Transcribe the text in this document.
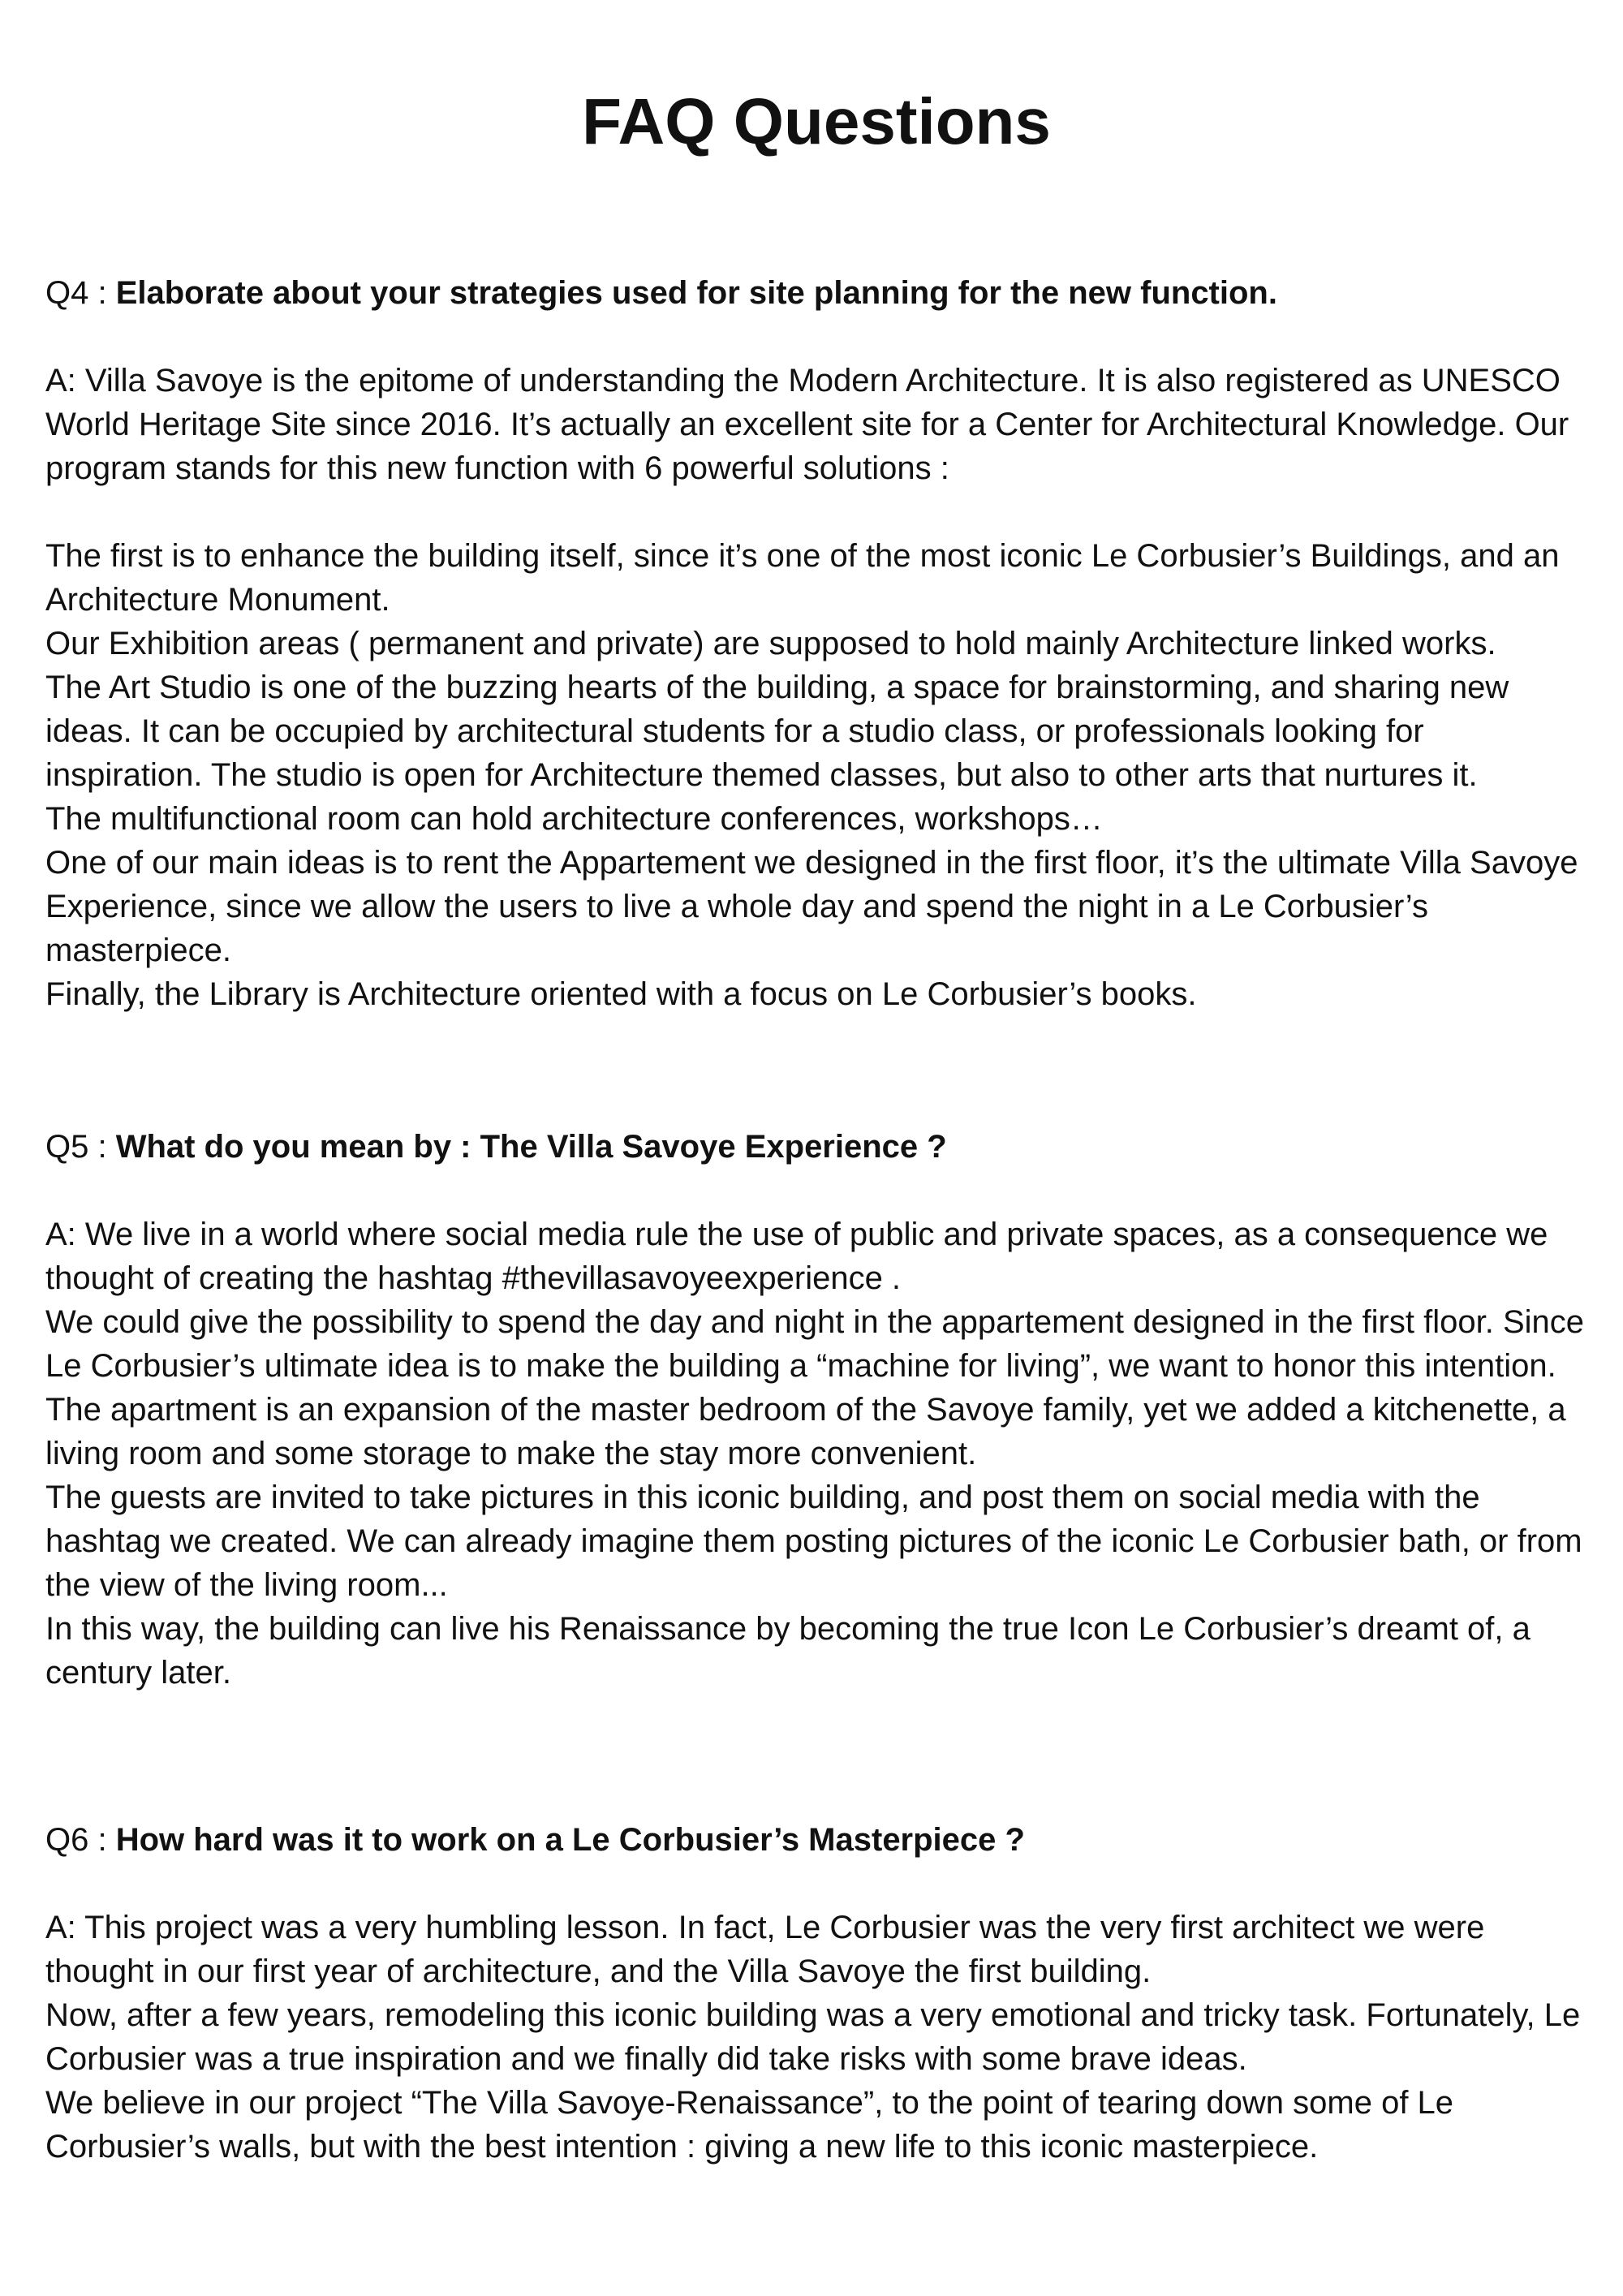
FAQ Questions
Q4 : Elaborate about your strategies used for site planning for the new function.

A: Villa Savoye is the epitome of understanding the Modern Architecture. It is also registered as UNESCO World Heritage Site since 2016. It’s actually an excellent site for a Center for Architectural Knowledge. Our program stands for this new function with 6 powerful solutions :

The first is to enhance the building itself, since it’s one of the most iconic Le Corbusier’s Buildings, and an Architecture Monument.

Our Exhibition areas ( permanent and private) are supposed to hold mainly Architecture linked works.

The Art Studio is one of the buzzing hearts of the building, a space for brainstorming, and sharing new ideas. It can be occupied by architectural students for a studio class, or professionals looking for inspiration. The studio is open for Architecture themed classes, but also to other arts that nurtures it.

The multifunctional room can hold architecture conferences, workshops…

One of our main ideas is to rent the Appartement we designed in the first floor, it’s the ultimate Villa Savoye Experience, since we allow the users to live a whole day and spend the night in a Le Corbusier’s masterpiece.

Finally, the Library is Architecture oriented with a focus on Le Corbusier’s books.

Q5 : What do you mean by : The Villa Savoye Experience ?

A: We live in a world where social media rule the use of public and private spaces, as a consequence we thought of creating the hashtag #thevillasavoyeexperience .

We could give the possibility to spend the day and night in the appartement designed in the first floor. Since Le Corbusier’s ultimate idea is to make the building a “machine for living”, we want to honor this intention.

The apartment is an expansion of the master bedroom of the Savoye family, yet we added a kitchenette, a living room and some storage to make the stay more convenient.

The guests are invited to take pictures in this iconic building, and post them on social media with the hashtag we created. We can already imagine them posting pictures of the iconic Le Corbusier bath, or from the view of the living room...

In this way, the building can live his Renaissance by becoming the true Icon Le Corbusier’s dreamt of, a century later.

Q6 : How hard was it to work on a Le Corbusier’s Masterpiece ?

A: This project was a very humbling lesson. In fact, Le Corbusier was the very first architect we were thought in our first year of architecture, and the Villa Savoye the first building.

Now, after a few years, remodeling this iconic building was a very emotional and tricky task. Fortunately, Le Corbusier was a true inspiration and we finally did take risks with some brave ideas.

We believe in our project “The Villa Savoye-Renaissance”, to the point of tearing down some of Le Corbusier’s walls, but with the best intention : giving a new life to this iconic masterpiece.
